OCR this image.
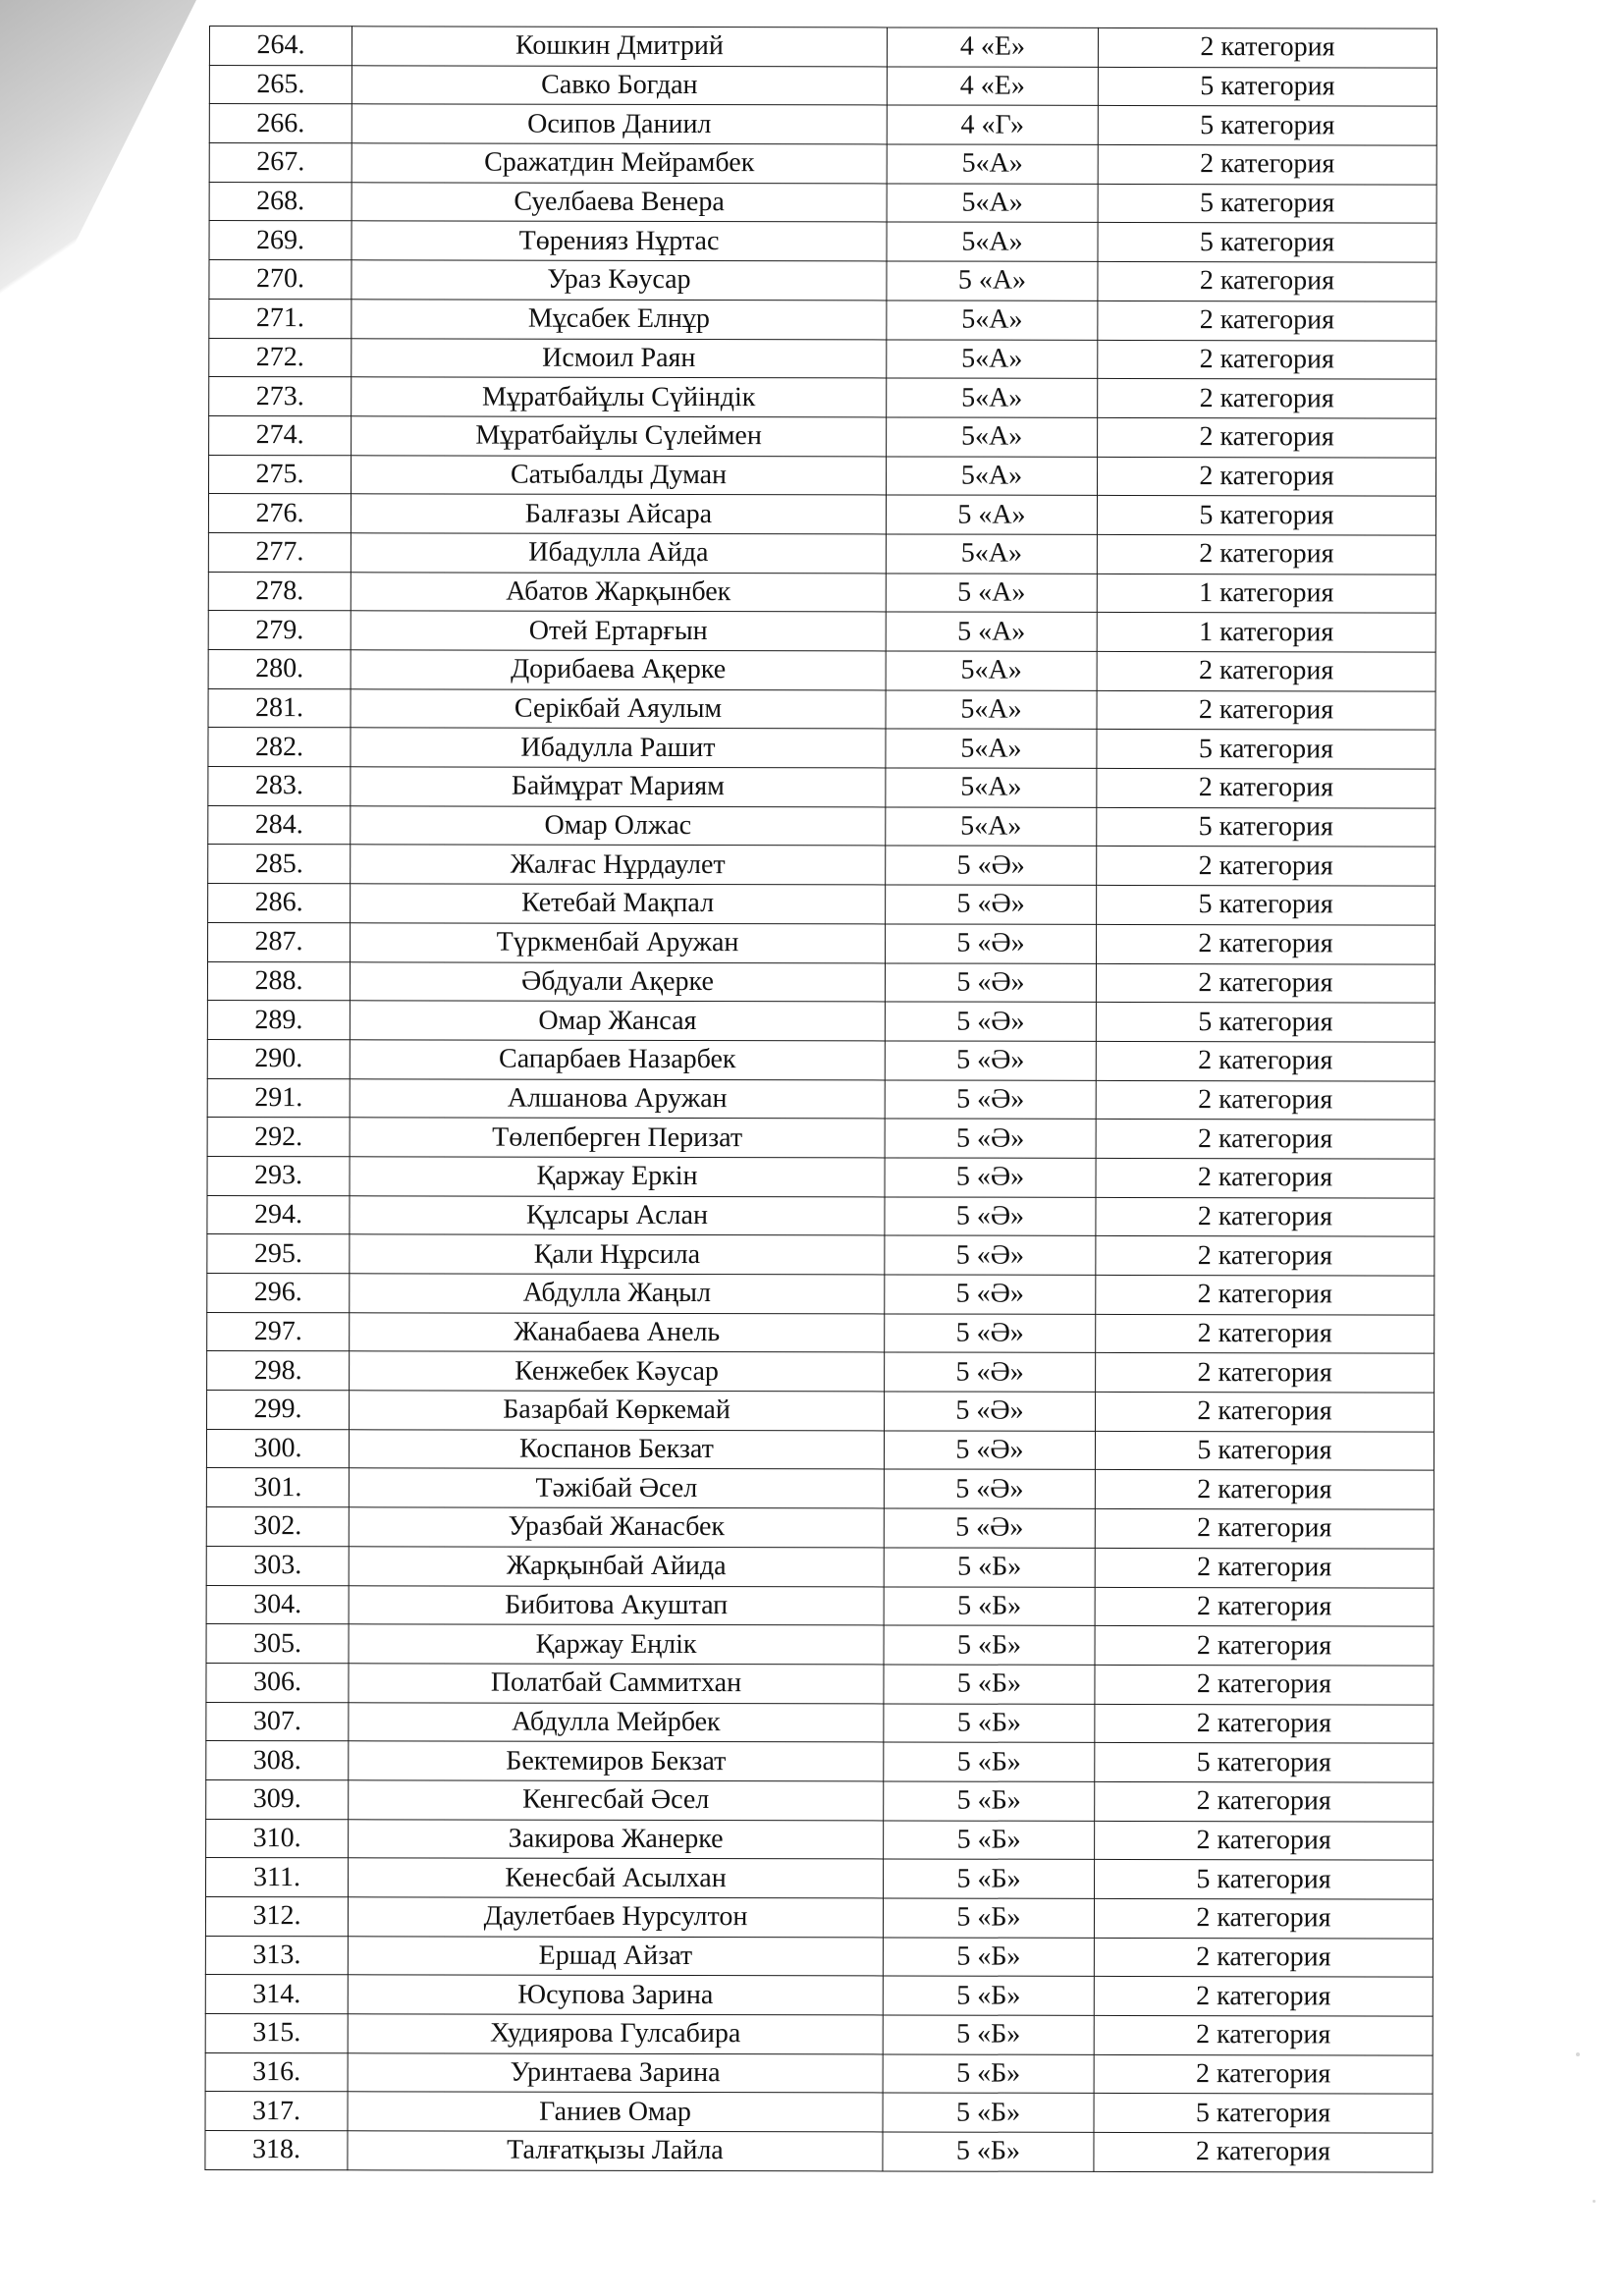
264.	Кошкин Дмитрий	4 «Е»	2 категория
265.	Савко Богдан	4 «Е»	5 категория
266.	Осипов Даниил	4 «Г»	5 категория
267.	Сражатдин Мейрамбек	5«А»	2 категория
268.	Суелбаева Венера	5«А»	5 категория
269.	Төренияз Нұртас	5«А»	5 категория
270.	Ураз Кәусар	5 «А»	2 категория
271.	Мұсабек Елнұр	5«А»	2 категория
272.	Исмоил Раян	5«А»	2 категория
273.	Мұратбайұлы Сүйіндік	5«А»	2 категория
274.	Мұратбайұлы Сүлеймен	5«А»	2 категория
275.	Сатыбалды Думан	5«А»	2 категория
276.	Балғазы Айсара	5 «А»	5 категория
277.	Ибадулла Айда	5«А»	2 категория
278.	Абатов Жарқынбек	5 «А»	1 категория
279.	Отей Ертарғын	5 «А»	1 категория
280.	Дорибаева Ақерке	5«А»	2 категория
281.	Серікбай Аяулым	5«А»	2 категория
282.	Ибадулла Рашит	5«А»	5 категория
283.	Баймұрат Мариям	5«А»	2 категория
284.	Омар Олжас	5«А»	5 категория
285.	Жалғас Нұрдаулет	5 «Ә»	2 категория
286.	Кетебай Мақпал	5 «Ә»	5 категория
287.	Түркменбай Аружан	5 «Ә»	2 категория
288.	Әбдуали Ақерке	5 «Ә»	2 категория
289.	Омар Жансая	5 «Ә»	5 категория
290.	Сапарбаев Назарбек	5 «Ә»	2 категория
291.	Алшанова Аружан	5 «Ә»	2 категория
292.	Төлепберген Перизат	5 «Ә»	2 категория
293.	Қаржау Еркін	5 «Ә»	2 категория
294.	Құлсары Аслан	5 «Ә»	2 категория
295.	Қали Нұрсила	5 «Ә»	2 категория
296.	Абдулла Жаңыл	5 «Ә»	2 категория
297.	Жанабаева Анель	5 «Ә»	2 категория
298.	Кенжебек Кәусар	5 «Ә»	2 категория
299.	Базарбай Көркемай	5 «Ә»	2 категория
300.	Коспанов Бекзат	5 «Ә»	5 категория
301.	Тәжібай Әсел	5 «Ә»	2 категория
302.	Уразбай Жанасбек	5 «Ә»	2 категория
303.	Жарқынбай Айида	5 «Б»	2 категория
304.	Бибитова Акуштап	5 «Б»	2 категория
305.	Қаржау Еңлік	5 «Б»	2 категория
306.	Полатбай Саммитхан	5 «Б»	2 категория
307.	Абдулла Мейрбек	5 «Б»	2 категория
308.	Бектемиров Бекзат	5 «Б»	5 категория
309.	Кенгесбай Әсел	5 «Б»	2 категория
310.	Закирова Жанерке	5 «Б»	2 категория
311.	Кенесбай Асылхан	5 «Б»	5 категория
312.	Даулетбаев Нурсултон	5 «Б»	2 категория
313.	Ершад Айзат	5 «Б»	2 категория
314.	Юсупова Зарина	5 «Б»	2 категория
315.	Худиярова Гулсабира	5 «Б»	2 категория
316.	Уринтаева Зарина	5 «Б»	2 категория
317.	Ганиев Омар	5 «Б»	5 категория
318.	Талғатқызы Лайла	5 «Б»	2 категория
